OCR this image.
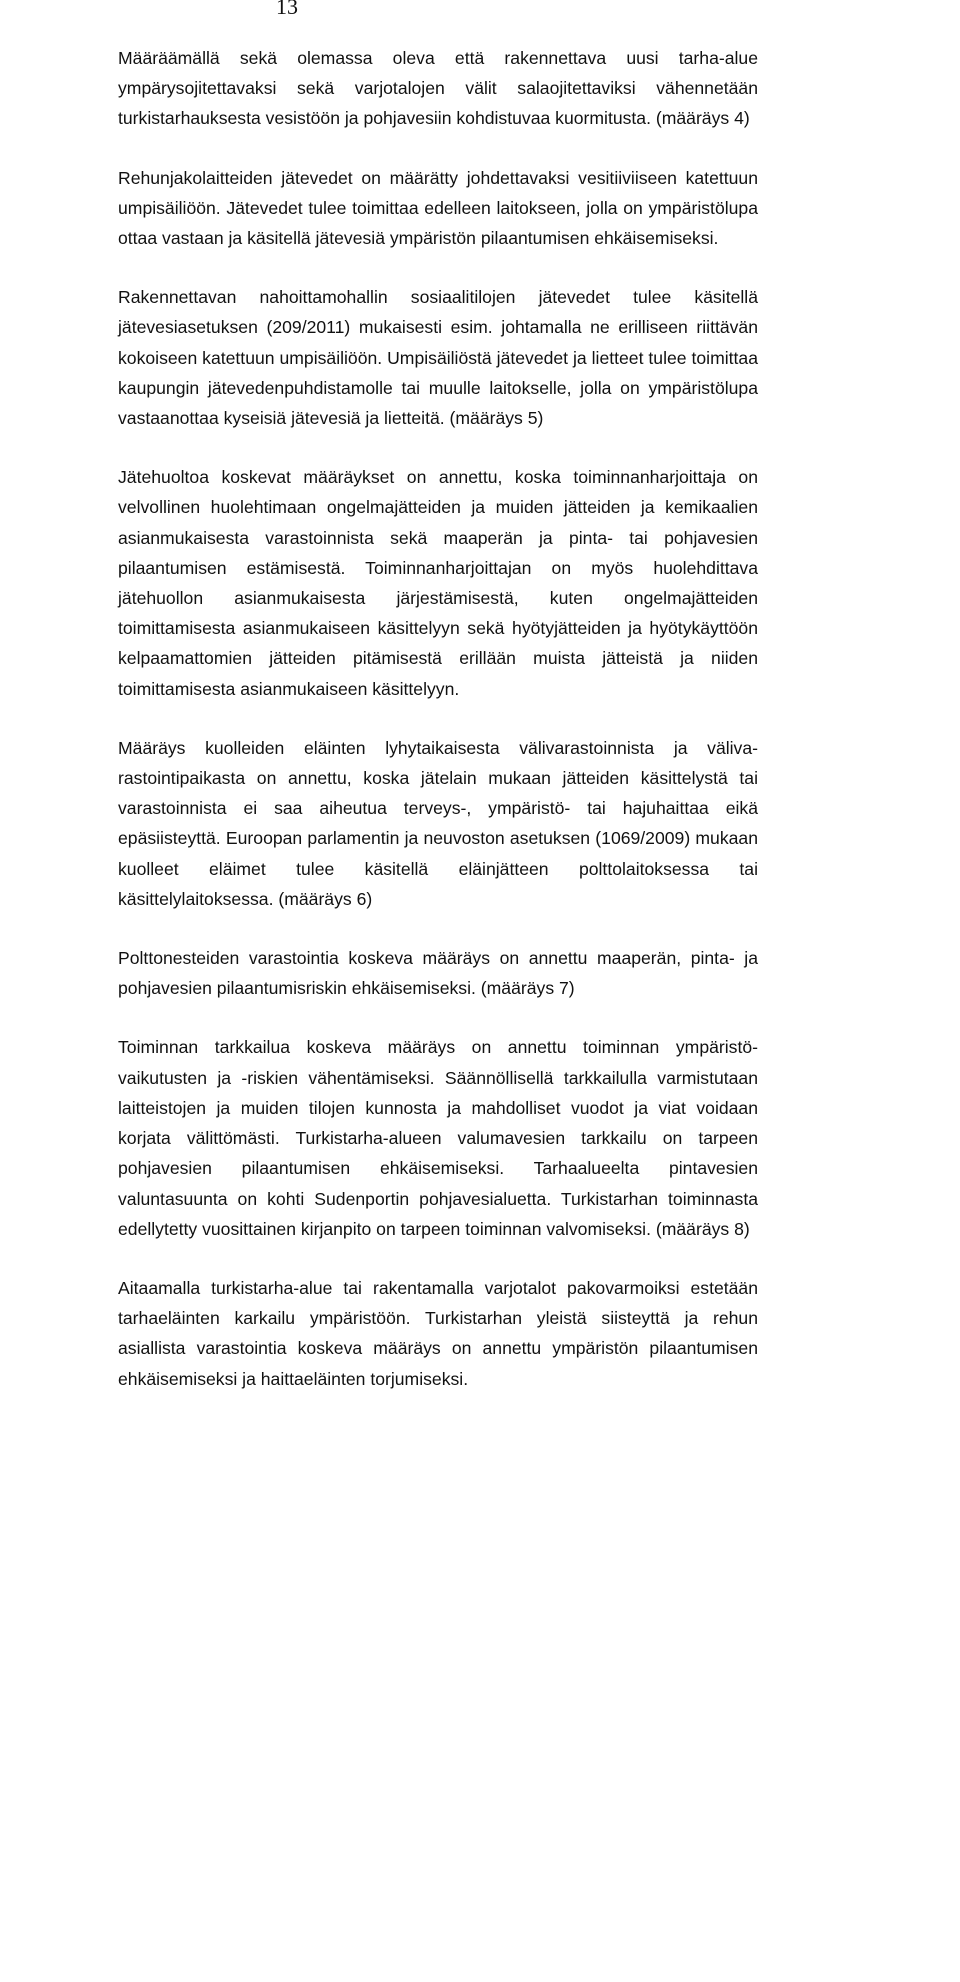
13

Määräämällä sekä olemassa oleva että rakennettava uusi tarha-alue ympärysojitettavaksi sekä varjotalojen välit salaojitettaviksi vähennetään turkistarhauksesta vesistöön ja pohjavesiin kohdistuvaa kuormitusta. (määräys 4)

Rehunjakolaitteiden jätevedet on määrätty johdettavaksi vesitiiviiseen katettuun umpisäiliöön. Jätevedet tulee toimittaa edelleen laitokseen, jolla on ympäristölupa ottaa vastaan ja käsitellä jätevesiä ympäristön pilaantumisen ehkäisemiseksi.

Rakennettavan nahoittamohallin sosiaalitilojen jätevedet tulee käsitellä jätevesiasetuksen (209/2011) mukaisesti esim. johtamalla ne erilliseen riittävän kokoiseen katettuun umpisäiliöön. Umpisäiliöstä jätevedet ja lietteet tulee toimittaa kaupungin jätevedenpuhdistamolle tai muulle laitokselle, jolla on ympäristölupa vastaanottaa kyseisiä jätevesiä ja lietteitä. (määräys 5)

Jätehuoltoa koskevat määräykset on annettu, koska toiminnanharjoittaja on velvollinen huolehtimaan ongelmajätteiden ja muiden jätteiden ja kemikaalien asianmukaisesta varastoinnista sekä maaperän ja pinta- tai pohjavesien pilaantumisen estämisestä. Toiminnanharjoittajan on myös huolehdittava jätehuollon asianmukaisesta järjestämisestä, kuten ongelmajätteiden toimittamisesta asianmukaiseen käsittelyyn sekä hyötyjätteiden ja hyötykäyttöön kelpaamattomien jätteiden pitämisestä erillään muista jätteistä ja niiden toimittamisesta asianmukaiseen käsittelyyn.

Määräys kuolleiden eläinten lyhytaikaisesta välivarastoinnista ja välivarastointipaikasta on annettu, koska jätelain mukaan jätteiden käsittelystä tai varastoinnista ei saa aiheutua terveys-, ympäristö- tai hajuhaittaa eikä epäsiisteyttä. Euroopan parlamentin ja neuvoston asetuksen (1069/2009) mukaan kuolleet eläimet tulee käsitellä eläinjätteen polttolaitoksessa tai käsittelylaitoksessa. (määräys 6)

Polttonesteiden varastointia koskeva määräys on annettu maaperän, pinta- ja pohjavesien pilaantumisriskin ehkäisemiseksi. (määräys 7)

Toiminnan tarkkailua koskeva määräys on annettu toiminnan ympäristövaikutusten ja -riskien vähentämiseksi. Säännöllisellä tarkkailulla varmistutaan laitteistojen ja muiden tilojen kunnosta ja mahdolliset vuodot ja viat voidaan korjata välittömästi. Turkistarha-alueen valumavesien tarkkailu on tarpeen pohjavesien pilaantumisen ehkäisemiseksi. Tarhaalueelta pintavesien valuntasuunta on kohti Sudenportin pohjavesialuetta. Turkistarhan toiminnasta edellytetty vuosittainen kirjanpito on tarpeen toiminnan valvomiseksi. (määräys 8)

Aitaamalla turkistarha-alue tai rakentamalla varjotalot pakovarmoiksi estetään tarhaeläinten karkailu ympäristöön. Turkistarhan yleistä siisteyttä ja rehun asiallista varastointia koskeva määräys on annettu ympäristön pilaantumisen ehkäisemiseksi ja haittaeläinten torjumiseksi.
